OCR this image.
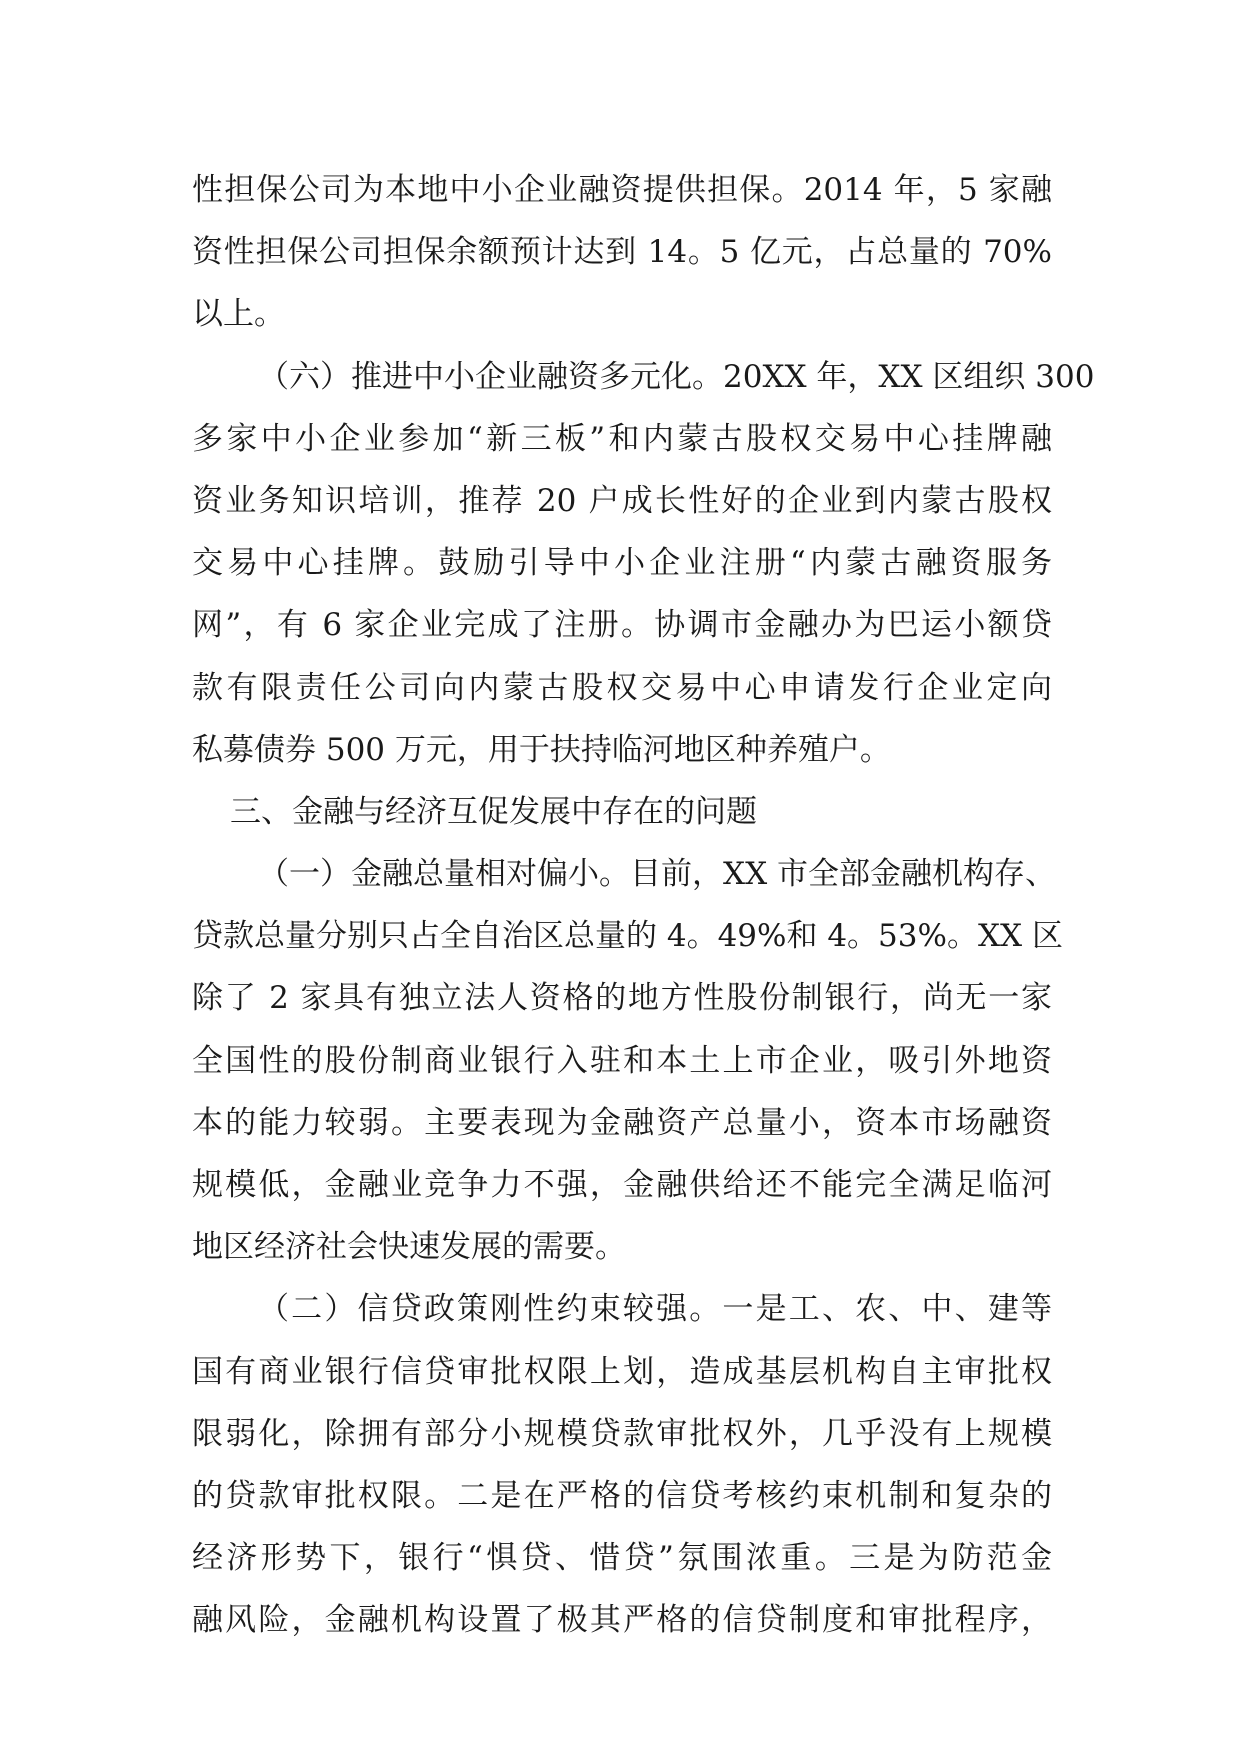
性担保公司为本地中小企业融资提供担保。2014 年，5 家融
资性担保公司担保余额预计达到 14。5 亿元，占总量的 70%
以上。
（六）推进中小企业融资多元化。20XX 年，XX 区组织 300
多家中小企业参加“新三板”和内蒙古股权交易中心挂牌融
资业务知识培训，推荐 20 户成长性好的企业到内蒙古股权
交易中心挂牌。鼓励引导中小企业注册“内蒙古融资服务
网”，有 6 家企业完成了注册。协调市金融办为巴运小额贷
款有限责任公司向内蒙古股权交易中心申请发行企业定向
私募债券 500 万元，用于扶持临河地区种养殖户。
三、金融与经济互促发展中存在的问题
（一）金融总量相对偏小。目前，XX 市全部金融机构存、
贷款总量分别只占全自治区总量的 4。49%和 4。53%。XX 区
除了 2 家具有独立法人资格的地方性股份制银行，尚无一家
全国性的股份制商业银行入驻和本土上市企业，吸引外地资
本的能力较弱。主要表现为金融资产总量小，资本市场融资
规模低，金融业竞争力不强，金融供给还不能完全满足临河
地区经济社会快速发展的需要。
（二）信贷政策刚性约束较强。一是工、农、中、建等
国有商业银行信贷审批权限上划，造成基层机构自主审批权
限弱化，除拥有部分小规模贷款审批权外，几乎没有上规模
的贷款审批权限。二是在严格的信贷考核约束机制和复杂的
经济形势下，银行“惧贷、惜贷”氛围浓重。三是为防范金
融风险，金融机构设置了极其严格的信贷制度和审批程序，
